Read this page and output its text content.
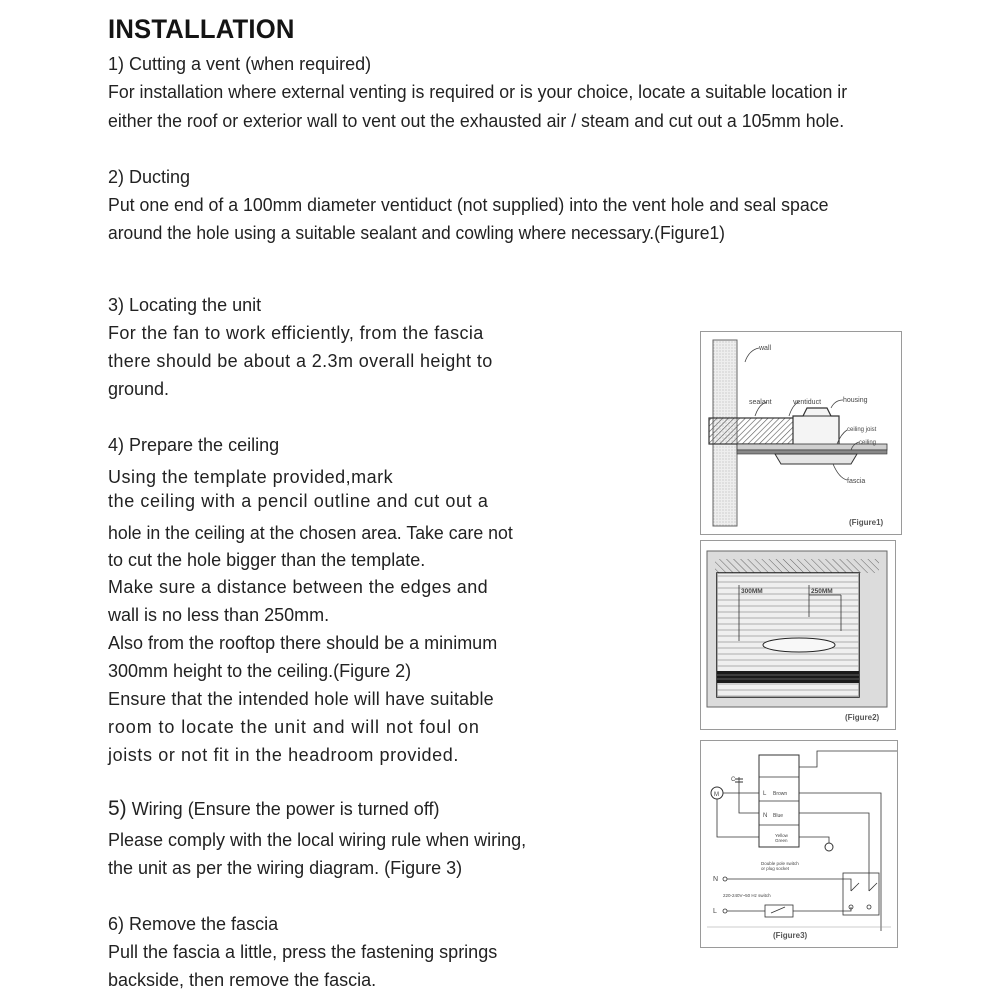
INSTALLATION
1) Cutting a vent (when required)
For installation where external venting is required or is your choice, locate a suitable location ir
either the roof or exterior wall to vent out the exhausted air / steam and cut out a 105mm hole.
2) Ducting
Put one end of a 100mm diameter ventiduct (not supplied) into the vent hole and seal space
around the hole using a suitable sealant and cowling where necessary.(Figure1)
3) Locating the unit
For the fan to work efficiently, from the fascia
there should be about a 2.3m overall height to
ground.
4) Prepare the ceiling
Using the template provided,mark
the ceiling with a pencil outline and cut out a
hole in the ceiling at the chosen area. Take care not
to cut the hole bigger than the template.
Make sure a distance between the edges and
wall is no less than 250mm.
Also from the rooftop there should be a minimum
300mm height to the ceiling.(Figure 2)
Ensure that the intended hole will have suitable
room to locate the unit and will not foul on
joists or not fit in the headroom provided.
5) Wiring (Ensure the power is turned off)
Please comply with the local wiring rule when wiring,
the unit as per the wiring diagram. (Figure 3)
6) Remove the fascia
Pull the fascia a little, press the fastening springs
backside, then remove the fascia.
wall
sealant	ventiduct	housing
ceiling joist
ceiling
fascia
(Figure1)
300MM	250MM
(Figure2)
C
M	L Brown
N Blue
Yellow
Green
Double pole switch
or plug socket
N
220-240V~50 Hz switch
L
(Figure3)
